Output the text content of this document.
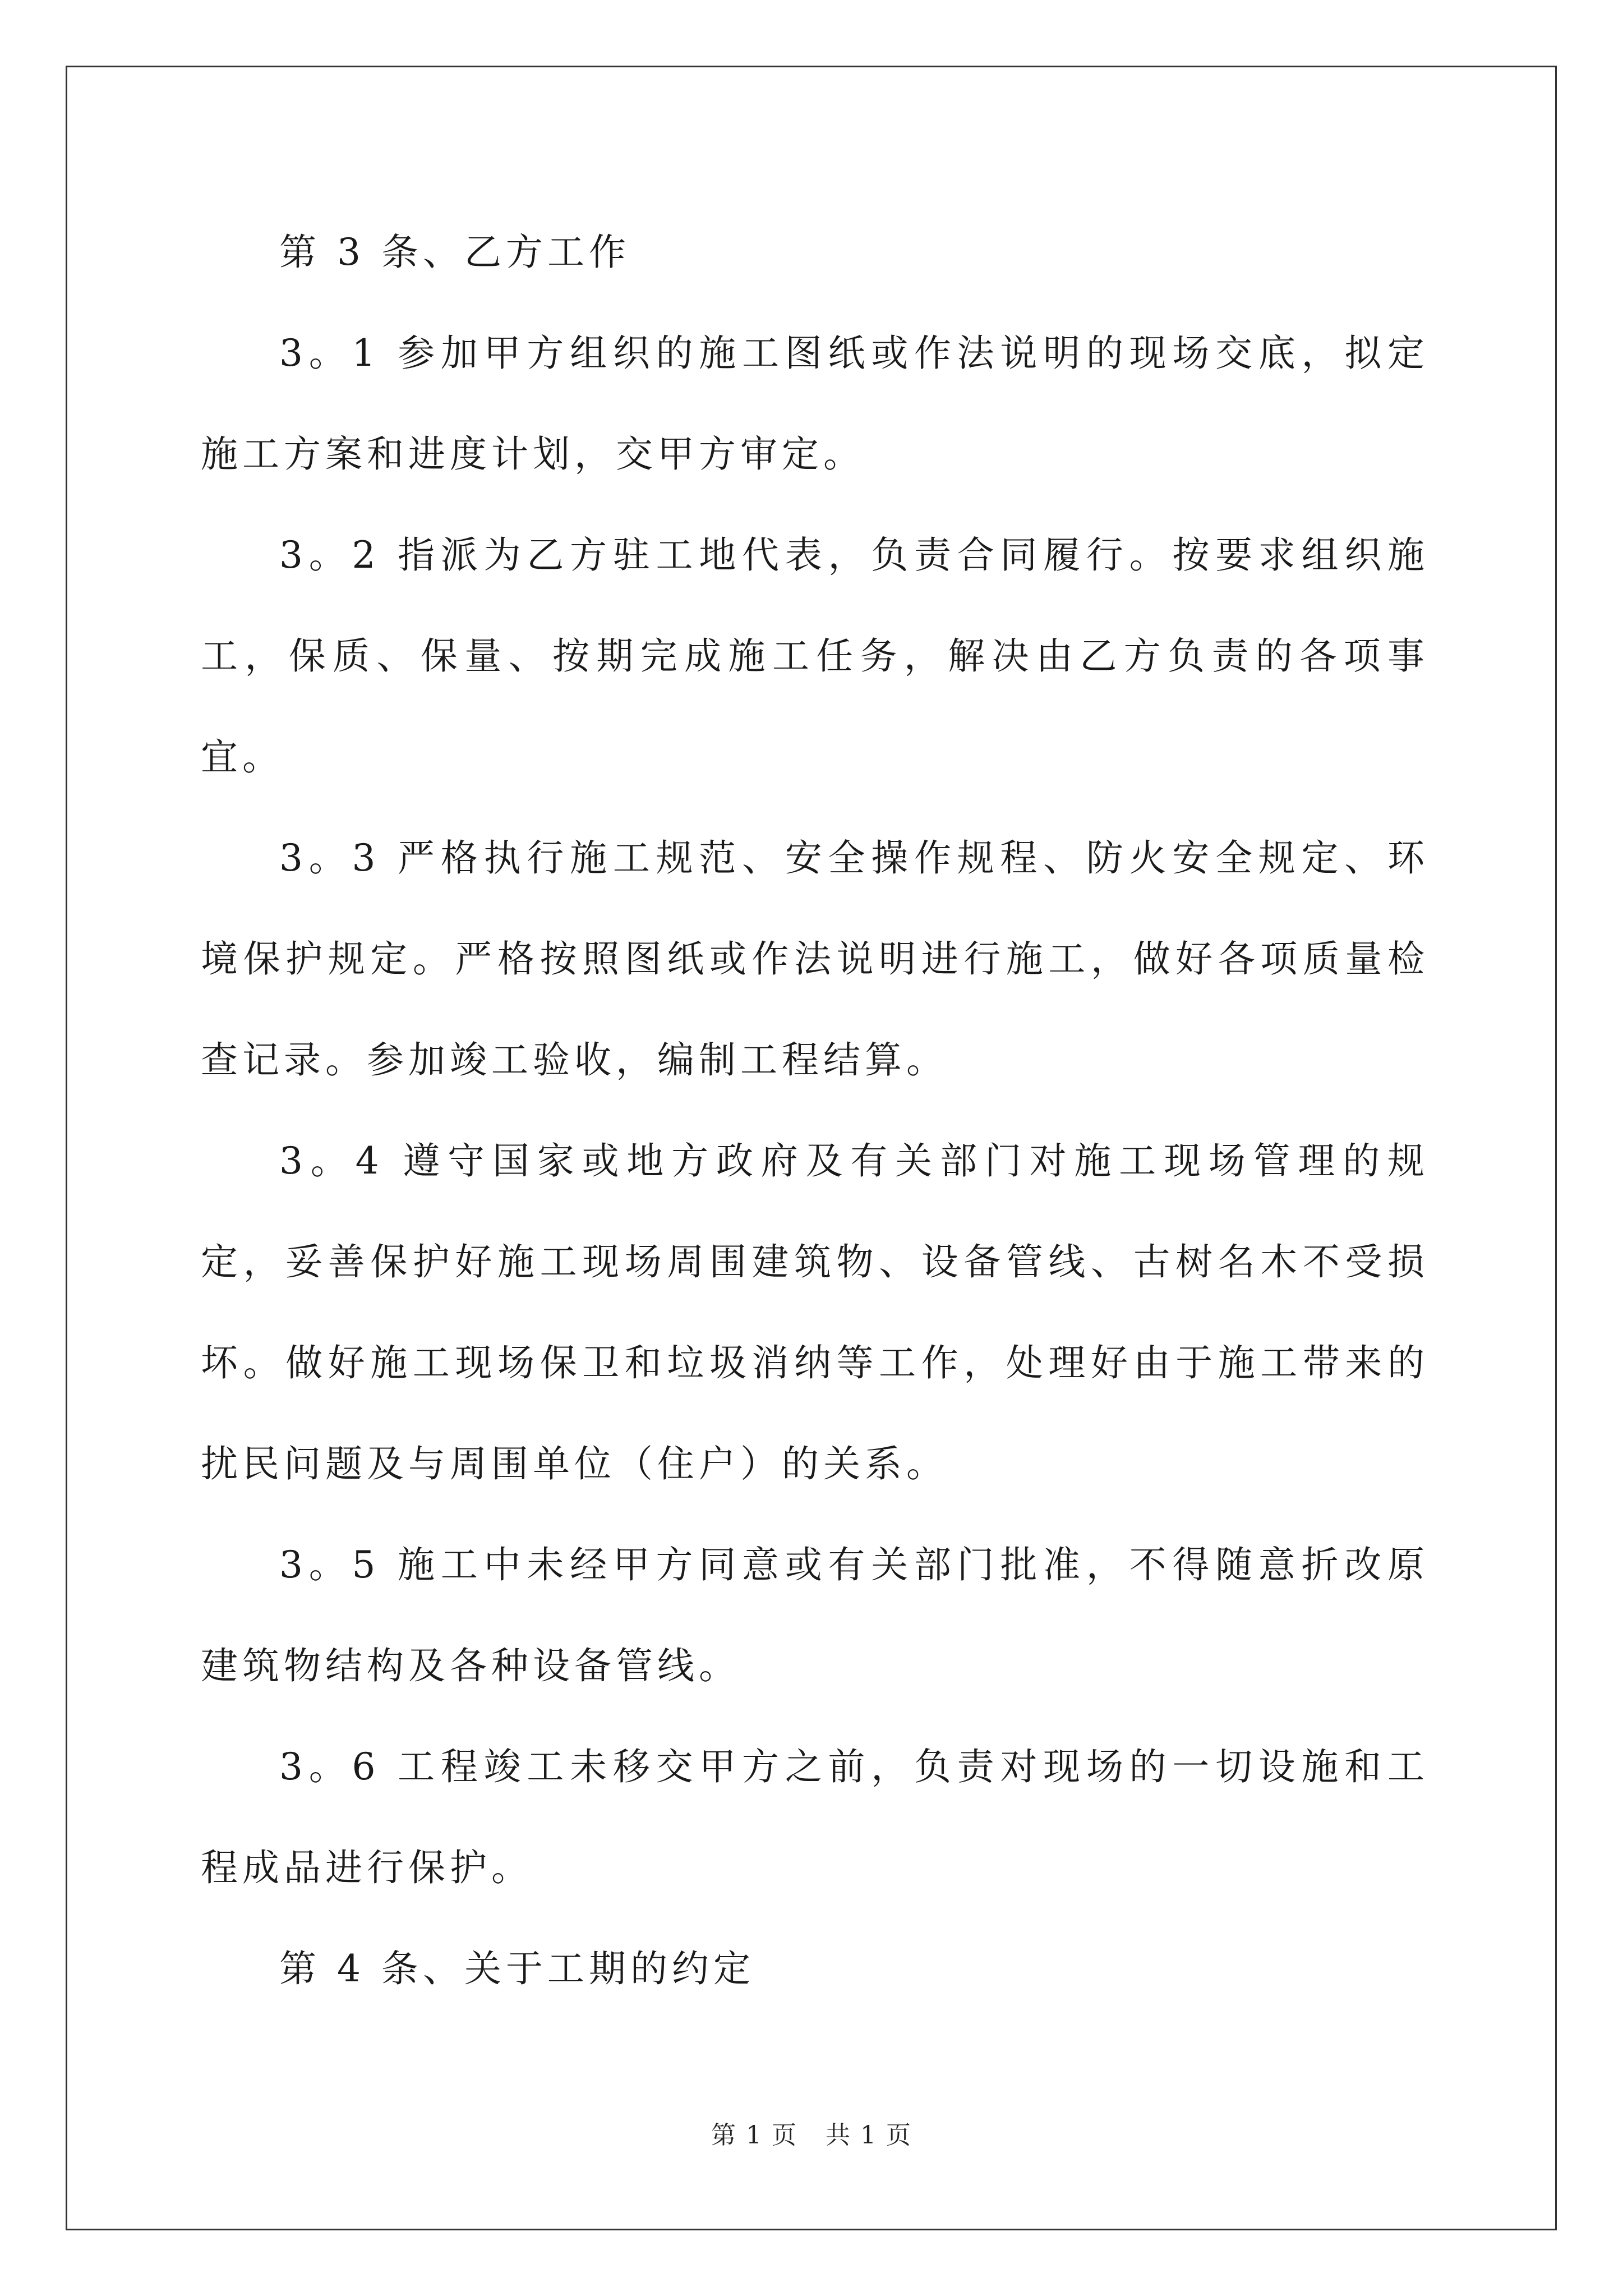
第 3 条、乙方工作

3。1 参加甲方组织的施工图纸或作法说明的现场交底，拟定施工方案和进度计划，交甲方审定。

3。2 指派为乙方驻工地代表，负责合同履行。按要求组织施工，保质、保量、按期完成施工任务，解决由乙方负责的各项事宜。

3。3 严格执行施工规范、安全操作规程、防火安全规定、环境保护规定。严格按照图纸或作法说明进行施工，做好各项质量检查记录。参加竣工验收，编制工程结算。

3。4 遵守国家或地方政府及有关部门对施工现场管理的规定，妥善保护好施工现场周围建筑物、设备管线、古树名木不受损坏。做好施工现场保卫和垃圾消纳等工作，处理好由于施工带来的扰民问题及与周围单位（住户）的关系。

3。5 施工中未经甲方同意或有关部门批准，不得随意折改原建筑物结构及各种设备管线。

3。6 工程竣工未移交甲方之前，负责对现场的一切设施和工程成品进行保护。

第 4 条、关于工期的约定

第 1 页 共 1 页
